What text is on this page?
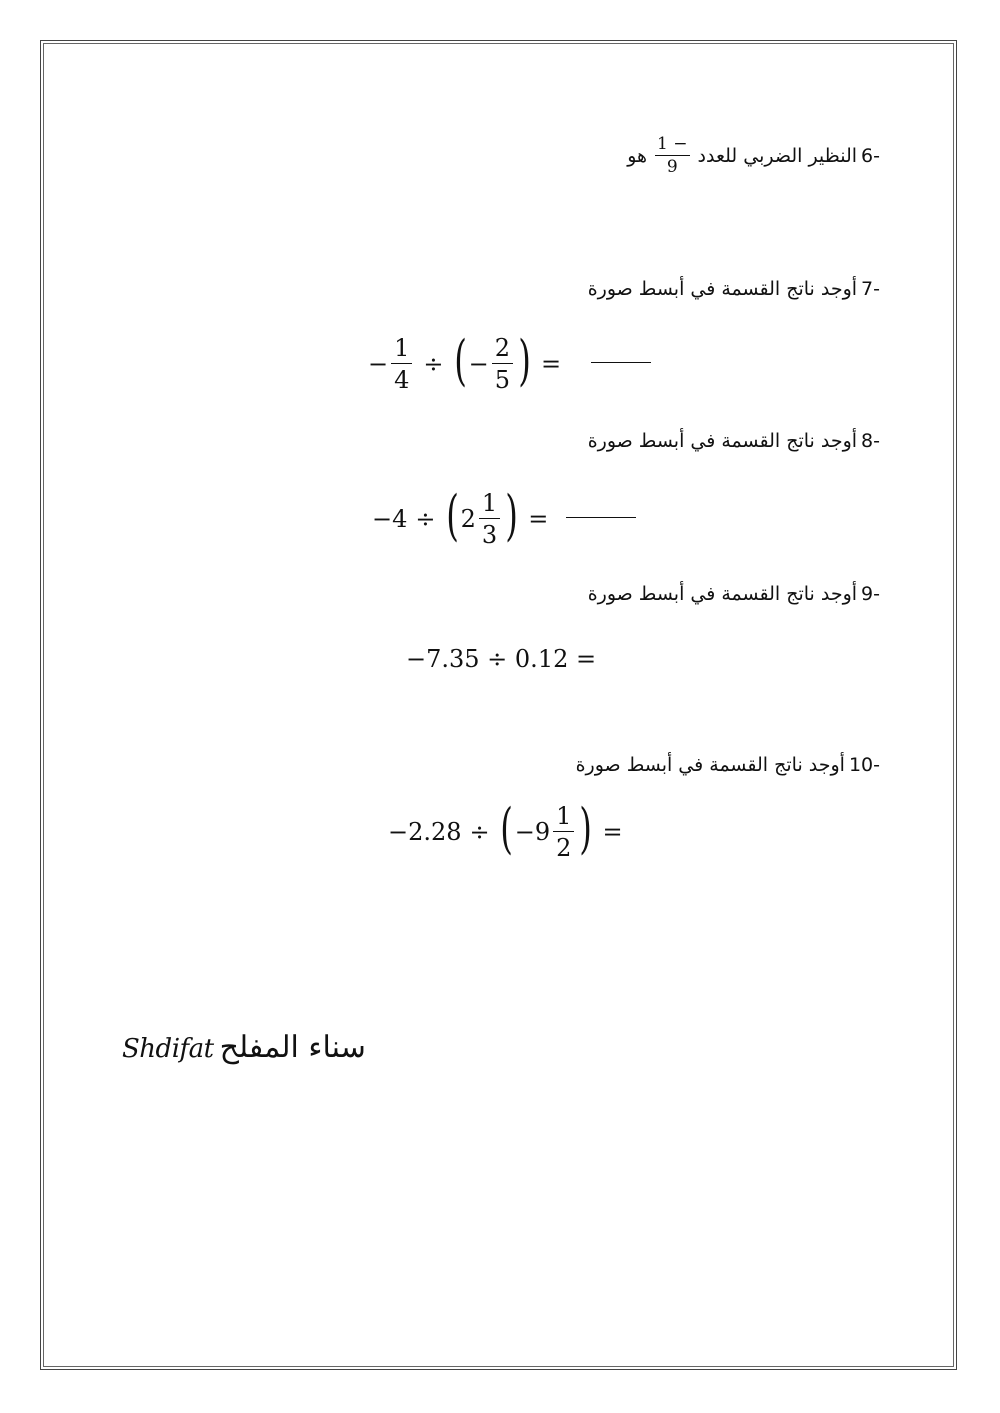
6-
النظير الضربي للعدد
$\frac{- 1}{9}$
هو
7-
أوجد ناتج القسمة في أبسط صورة
− $\frac{1}{4}$ ÷ ( − $\frac{2}{5}$ ) =
8-
أوجد ناتج القسمة في أبسط صورة
−4 ÷ ( $2 \frac{1}{3}$ ) =
9-
أوجد ناتج القسمة في أبسط صورة
−7.35 ÷ 0.12 =
10-
أوجد ناتج القسمة في أبسط صورة
−2.28 ÷ ( $-9 \frac{1}{2}$ ) =
Shdifat سناء المفلح
